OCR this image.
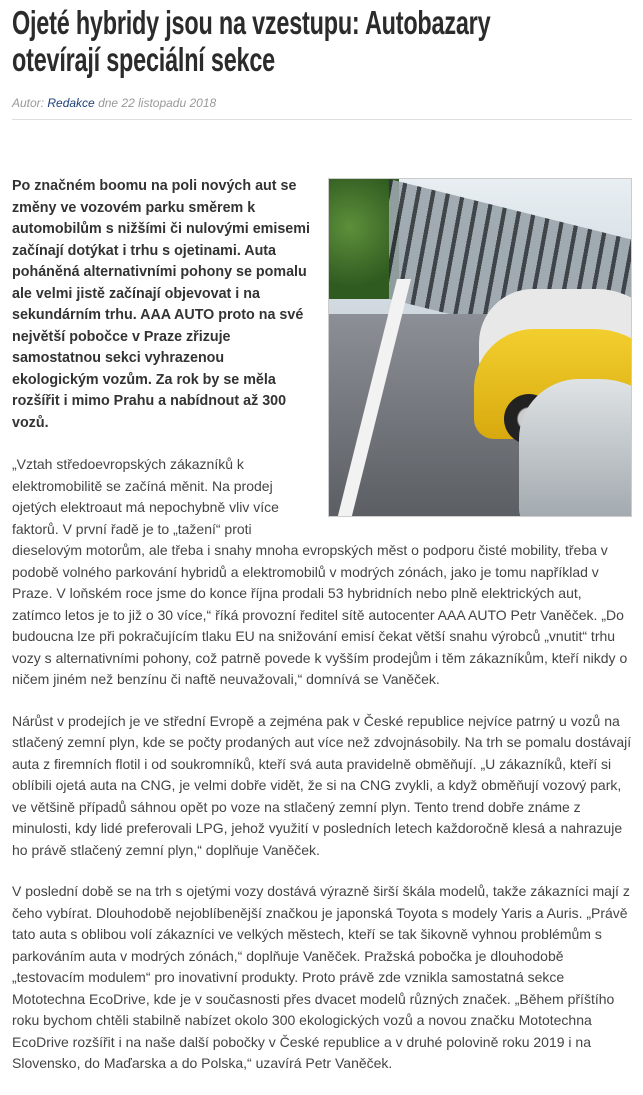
Ojeté hybridy jsou na vzestupu: Autobazary otevírají speciální sekce
Autor: Redakce dne 22 listopadu 2018

Po značném boomu na poli nových aut se změny ve vozovém parku směrem k automobilům s nižšími či nulovými emisemi začínají dotýkat i trhu s ojetinami. Auta poháněná alternativními pohony se pomalu ale velmi jistě začínají objevovat i na sekundárním trhu. AAA AUTO proto na své největší pobočce v Praze zřizuje samostatnou sekci vyhrazenou ekologickým vozům. Za rok by se měla rozšířit i mimo Prahu a nabídnout až 300 vozů.

„Vztah středoevropských zákazníků k elektromobilitě se začíná měnit. Na prodej ojetých elektroaut má nepochybně vliv více faktorů. V první řadě je to „tažení“ proti dieselovým motorům, ale třeba i snahy mnoha evropských měst o podporu čisté mobility, třeba v podobě volného parkování hybridů a elektromobilů v modrých zónách, jako je tomu například v Praze. V loňském roce jsme do konce října prodali 53 hybridních nebo plně elektrických aut, zatímco letos je to již o 30 více,“ říká provozní ředitel sítě autocenter AAA AUTO Petr Vaněček. „Do budoucna lze při pokračujícím tlaku EU na snižování emisí čekat větší snahu výrobců „vnutit“ trhu vozy s alternativními pohony, což patrně povede k vyšším prodejům i těm zákazníkům, kteří nikdy o ničem jiném než benzínu či naftě neuvažovali,“ domnívá se Vaněček.

Nárůst v prodejích je ve střední Evropě a zejména pak v České republice nejvíce patrný u vozů na stlačený zemní plyn, kde se počty prodaných aut více než zdvojnásobily. Na trh se pomalu dostávají auta z firemních flotil i od soukromníků, kteří svá auta pravidelně obměňují. „U zákazníků, kteří si oblíbili ojetá auta na CNG, je velmi dobře vidět, že si na CNG zvykli, a když obměňují vozový park, ve většině případů sáhnou opět po voze na stlačený zemní plyn. Tento trend dobře známe z minulosti, kdy lidé preferovali LPG, jehož využití v posledních letech každoročně klesá a nahrazuje ho právě stlačený zemní plyn,“ doplňuje Vaněček.

V poslední době se na trh s ojetými vozy dostává výrazně širší škála modelů, takže zákazníci mají z čeho vybírat. Dlouhodobě nejoblíbenější značkou je japonská Toyota s modely Yaris a Auris. „Právě tato auta s oblibou volí zákazníci ve velkých městech, kteří se tak šikovně vyhnou problémům s parkováním auta v modrých zónách,“ doplňuje Vaněček. Pražská pobočka je dlouhodobě „testovacím modulem“ pro inovativní produkty. Proto právě zde vznikla samostatná sekce Mototechna EcoDrive, kde je v současnosti přes dvacet modelů různých značek. „Během příštího roku bychom chtěli stabilně nabízet okolo 300 ekologických vozů a novou značku Mototechna EcoDrive rozšířit i na naše další pobočky v České republice a v druhé polovině roku 2019 i na Slovensko, do Maďarska a do Polska,“ uzavírá Petr Vaněček.
